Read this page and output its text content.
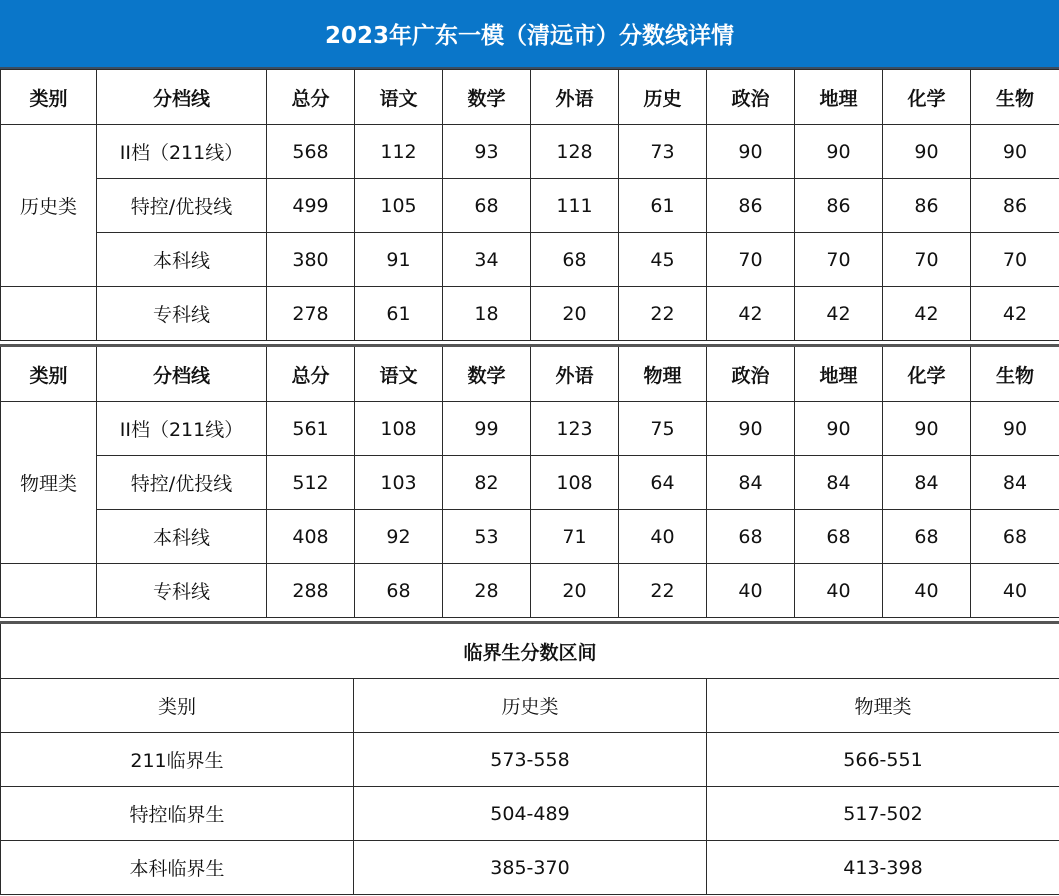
2023年广东一模（清远市）分数线详情
类别	分档线	总分	语文	数学	外语	历史	政治	地理	化学	生物
历史类	II档（211线）	568	112	93	128	73	90	90	90	90
	特控/优投线	499	105	68	111	61	86	86	86	86
	本科线	380	91	34	68	45	70	70	70	70
	专科线	278	61	18	20	22	42	42	42	42
类别	分档线	总分	语文	数学	外语	物理	政治	地理	化学	生物
物理类	II档（211线）	561	108	99	123	75	90	90	90	90
	特控/优投线	512	103	82	108	64	84	84	84	84
	本科线	408	92	53	71	40	68	68	68	68
	专科线	288	68	28	20	22	40	40	40	40
临界生分数区间		
类别	历史类	物理类
211临界生	573-558	566-551
特控临界生	504-489	517-502
本科临界生	385-370	413-398
